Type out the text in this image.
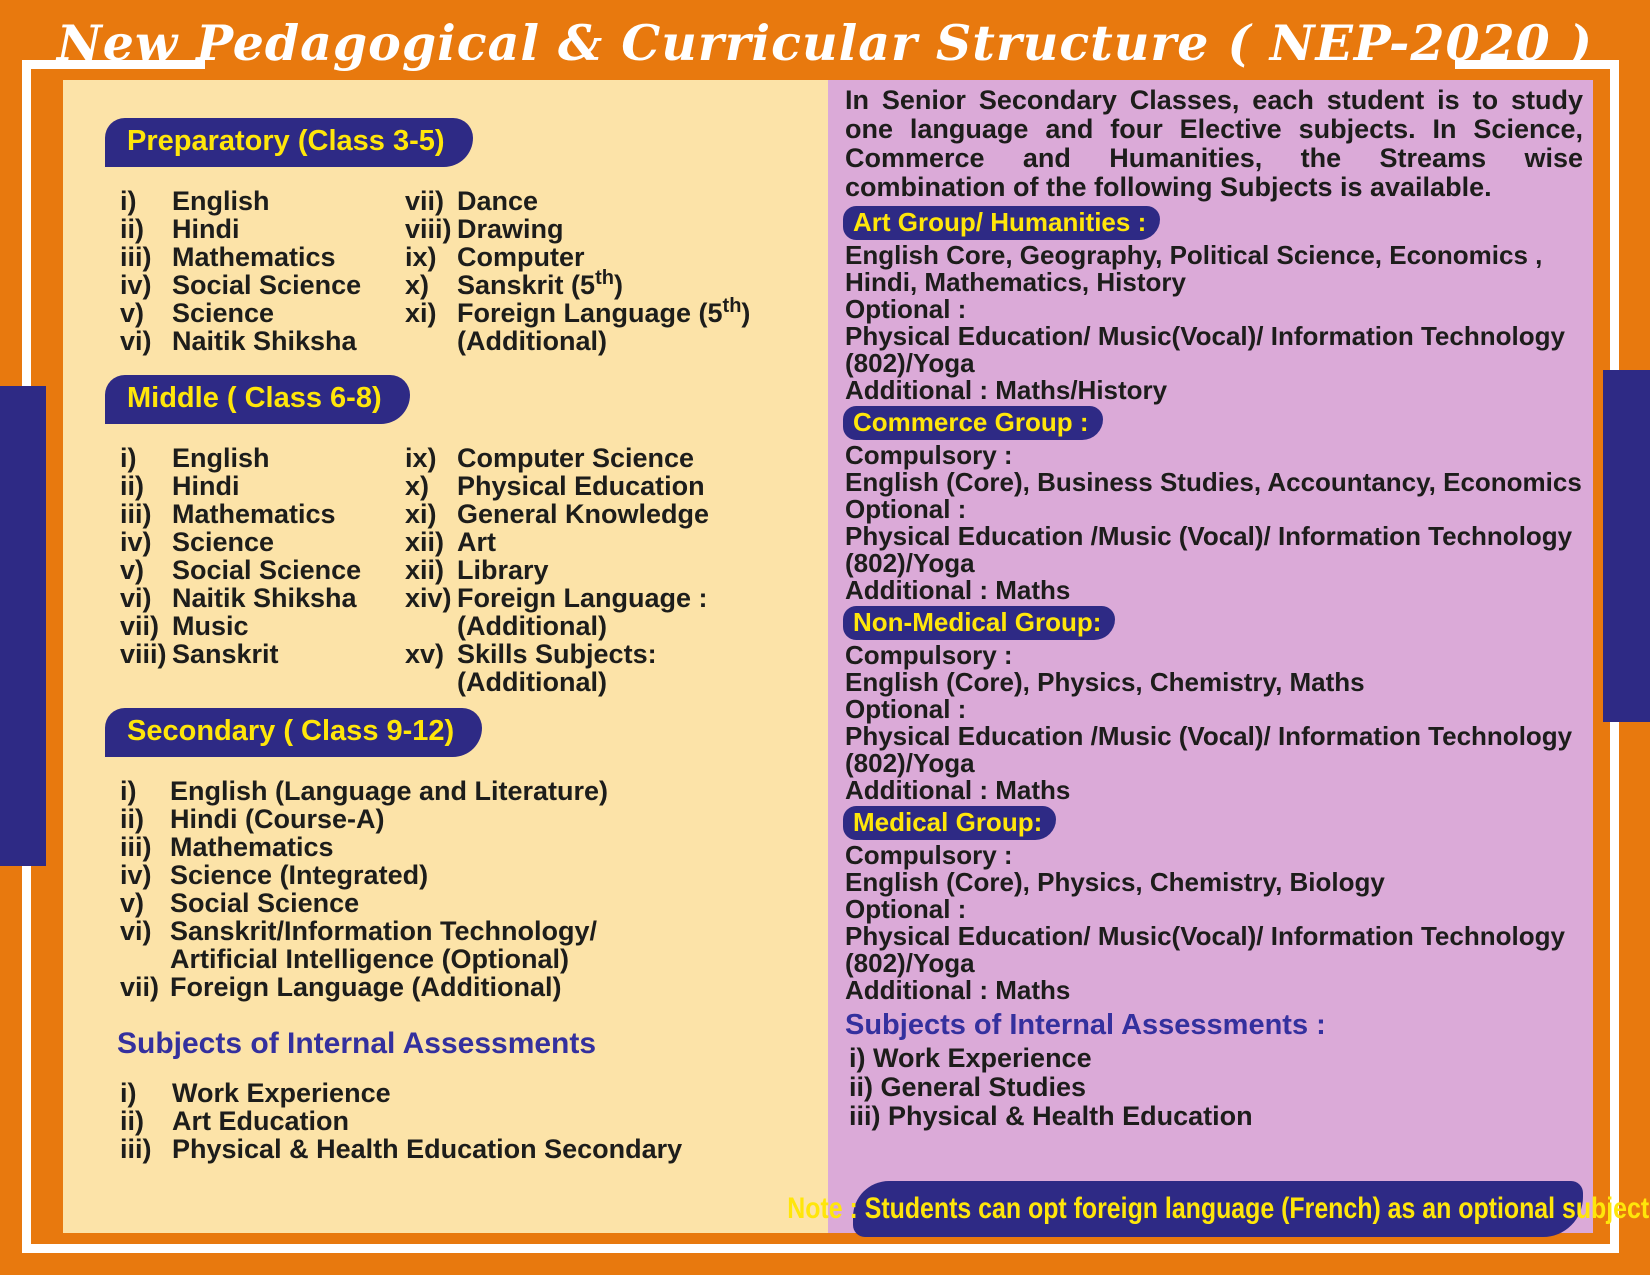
New Pedagogical & Curricular Structure ( NEP-2020 )
Preparatory (Class 3-5)
i)	English
ii)	Hindi
iii) Mathematics
iv) Social Science
v)	Science
vi) Naitik Shiksha
vii) Dance
viii) Drawing
ix) Computer
x)	Sanskrit (5th)
xi) Foreign Language (5th)
(Additional)
Middle ( Class 6-8)
i)	English
ii)	Hindi
iii) Mathematics
iv) Science
v)	Social Science
vi) Naitik Shiksha
vii) Music
viii) Sanskrit
ix) Computer Science
x)	Physical Education
xi) General Knowledge
xii) Art
xii) Library
xiv) Foreign Language :
(Additional)
xv) Skills Subjects:
(Additional)
Secondary ( Class 9-12)
i)	English (Language and Literature)
ii) Hindi (Course-A)
iii) Mathematics
iv) Science (Integrated)
v) Social Science
vi) Sanskrit/Information Technology/
Artificial Intelligence (Optional)
vii) Foreign Language (Additional)
Subjects of Internal Assessments
i)	Work Experience
ii)	Art Education
iii) Physical & Health Education Secondary
In Senior Secondary Classes, each student is to study one language and four Elective subjects. In Science, Commerce and Humanities, the Streams wise combination of the following Subjects is available.
Art Group/ Humanities :
English Core, Geography, Political Science, Economics ,
Hindi, Mathematics, History
Optional :
Physical Education/ Music(Vocal)/ Information Technology
(802)/Yoga
Additional : Maths/History
Commerce Group :
Compulsory :
English (Core), Business Studies, Accountancy, Economics
Optional :
Physical Education /Music (Vocal)/ Information Technology
(802)/Yoga
Additional : Maths
Non-Medical Group:
Compulsory :
English (Core), Physics, Chemistry, Maths
Optional :
Physical Education /Music (Vocal)/ Information Technology
(802)/Yoga
Additional : Maths
Medical Group:
Compulsory :
English (Core), Physics, Chemistry, Biology
Optional :
Physical Education/ Music(Vocal)/ Information Technology
(802)/Yoga
Additional : Maths
Subjects of Internal Assessments :
i) Work Experience
ii) General Studies
iii) Physical & Health Education
Note : Students can opt foreign language (French) as an optional subject
